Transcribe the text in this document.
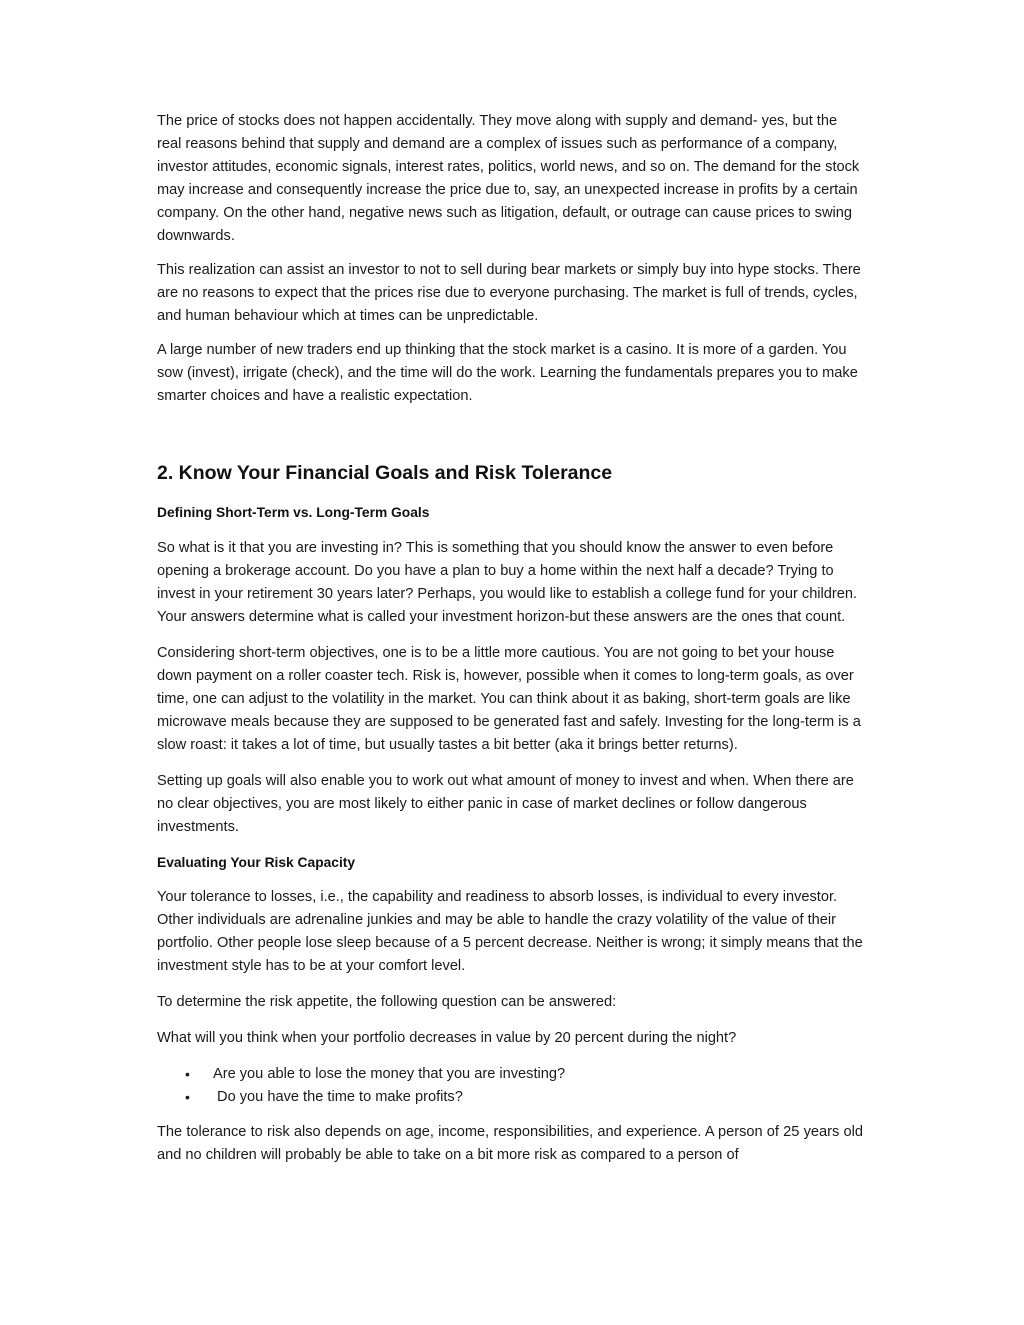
The price of stocks does not happen accidentally. They move along with supply and demand- yes, but the real reasons behind that supply and demand are a complex of issues such as performance of a company, investor attitudes, economic signals, interest rates, politics, world news, and so on. The demand for the stock may increase and consequently increase the price due to, say, an unexpected increase in profits by a certain company. On the other hand, negative news such as litigation, default, or outrage can cause prices to swing downwards.

This realization can assist an investor to not to sell during bear markets or simply buy into hype stocks. There are no reasons to expect that the prices rise due to everyone purchasing. The market is full of trends, cycles, and human behaviour which at times can be unpredictable.

A large number of new traders end up thinking that the stock market is a casino. It is more of a garden. You sow (invest), irrigate (check), and the time will do the work. Learning the fundamentals prepares you to make smarter choices and have a realistic expectation.

2. Know Your Financial Goals and Risk Tolerance
Defining Short-Term vs. Long-Term Goals

So what is it that you are investing in? This is something that you should know the answer to even before opening a brokerage account. Do you have a plan to buy a home within the next half a decade? Trying to invest in your retirement 30 years later? Perhaps, you would like to establish a college fund for your children. Your answers determine what is called your investment horizon-but these answers are the ones that count.

Considering short-term objectives, one is to be a little more cautious. You are not going to bet your house down payment on a roller coaster tech. Risk is, however, possible when it comes to long-term goals, as over time, one can adjust to the volatility in the market. You can think about it as baking, short-term goals are like microwave meals because they are supposed to be generated fast and safely. Investing for the long-term is a slow roast: it takes a lot of time, but usually tastes a bit better (aka it brings better returns).

Setting up goals will also enable you to work out what amount of money to invest and when. When there are no clear objectives, you are most likely to either panic in case of market declines or follow dangerous investments.

Evaluating Your Risk Capacity

Your tolerance to losses, i.e., the capability and readiness to absorb losses, is individual to every investor. Other individuals are adrenaline junkies and may be able to handle the crazy volatility of the value of their portfolio. Other people lose sleep because of a 5 percent decrease. Neither is wrong; it simply means that the investment style has to be at your comfort level.

To determine the risk appetite, the following question can be answered:

What will you think when your portfolio decreases in value by 20 percent during the night?

• Are you able to lose the money that you are investing?
• Do you have the time to make profits?

The tolerance to risk also depends on age, income, responsibilities, and experience. A person of 25 years old and no children will probably be able to take on a bit more risk as compared to a person of
